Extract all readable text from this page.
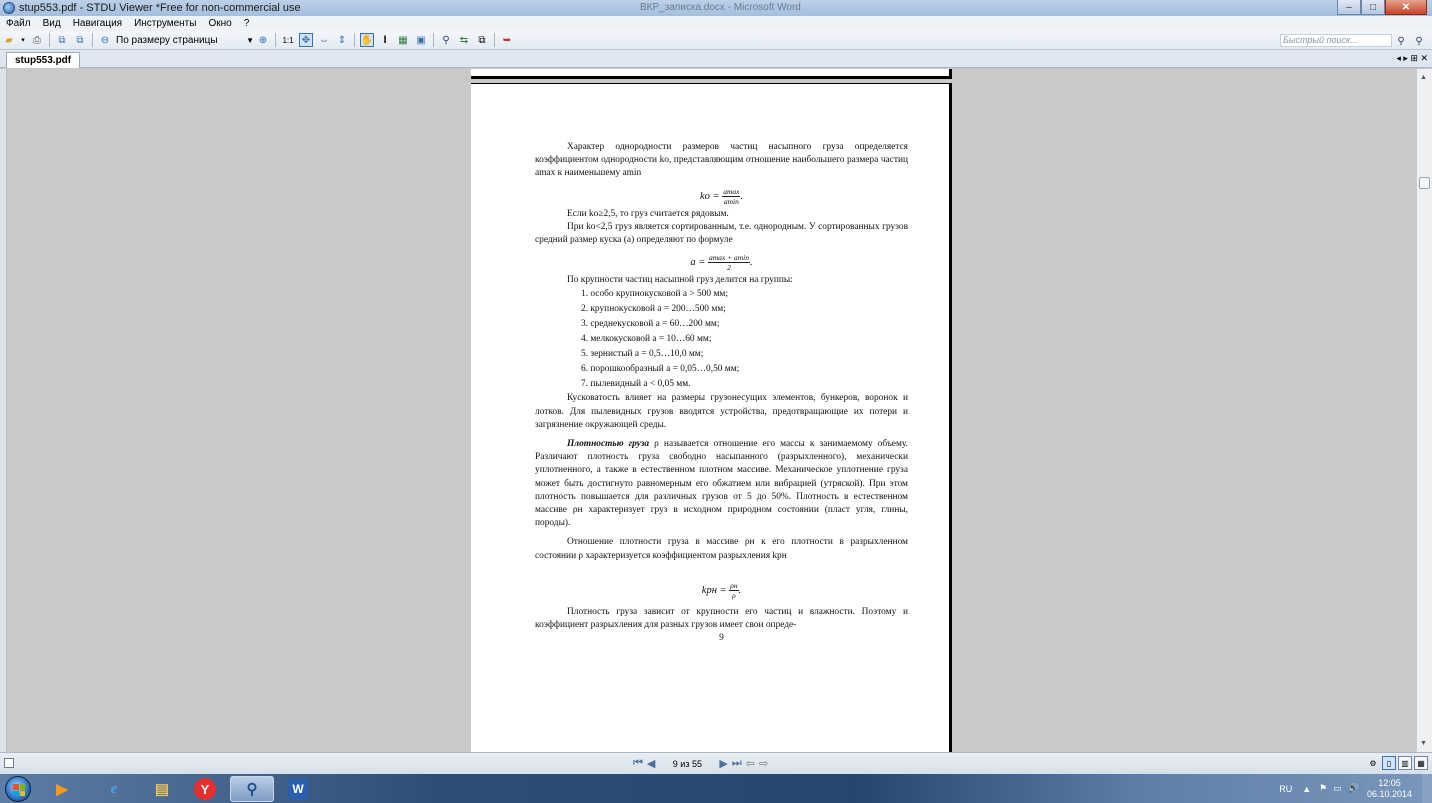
stup553.pdf - STDU Viewer *Free for non-commercial use	ВКР_записка.docx - Microsoft Word	–	□	✕
Файл	Вид	Навигация	Инструменты	Окно	?
▰	▾ ⎙	⧉	⧉	⊖ По размеру страницы	▼ ⊕	1:1 ✥ ⇔ ⇕ ✋	𝐈	▦ ▣	⚲	⇆	⧉	➥	Быстрый поиск...	⚲	⚲
stup553.pdf	◂ ▸ ⊞ ✕

Характер однородности размеров частиц насыпного груза определяется коэффициентом однородности kо, представляющим отношение наибольшего размера частиц amax к наименьшему amin

kо = $\frac{amax}{amin}$ .

Если kо≥2,5, то груз считается рядовым.

При kо<2,5 груз является сортированным, т.е. однородным. У сортированных грузов средний размер куска (а) определяют по формуле

$a = \frac{amax + amin}{2}$ .

По крупности частиц насыпной груз делится на группы:

1. особо крупнокусковой a > 500 мм;
2. крупнокусковой a = 200…500 мм;
3. среднекусковой a = 60…200 мм;
4. мелкокусковой a = 10…60 мм;
5. зернистый a = 0,5…10,0 мм;
6. порошкообразный a = 0,05…0,50 мм;
7. пылевидный a < 0,05 мм.

Кусковатость влияет на размеры грузонесущих элементов, бункеров, воронок и лотков. Для пылевидных грузов вводятся устройства, предотвращающие их потери и загрязнение окружающей среды.

Плотностью груза ρ называется отношение его массы к занимаемому объему. Различают плотность груза свободно насыпанного (разрыхленного), механически уплотненного, а также в естественном плотном массиве. Механическое уплотнение груза может быть достигнуто равномерным его обжатием или вибрацией (утряской). При этом плотность повышается для различных грузов от 5 до 50%. Плотность в естественном массиве ρн характеризует груз в исходном природном состоянии (пласт угля, глины, породы).

Отношение плотности груза в массиве ρн к его плотности в разрыхленном состоянии ρ характеризуется коэффициентом разрыхления kрн

kрн = $\frac{\rho н}{\rho}$ .

Плотность груза зависит от крупности его частиц и влажности. Поэтому и коэффициент разрыхления для разных грузов имеет свои опреде-

9

▲
▼
⏮ ◀	9 из 55	▶ ⏭ ⇦ ⇨	⚙	▯	▥	▦
▶	e	▤	Y	⚲	W	RU ▲ ⚑ ▭ 🔊
12:05
06.10.2014
